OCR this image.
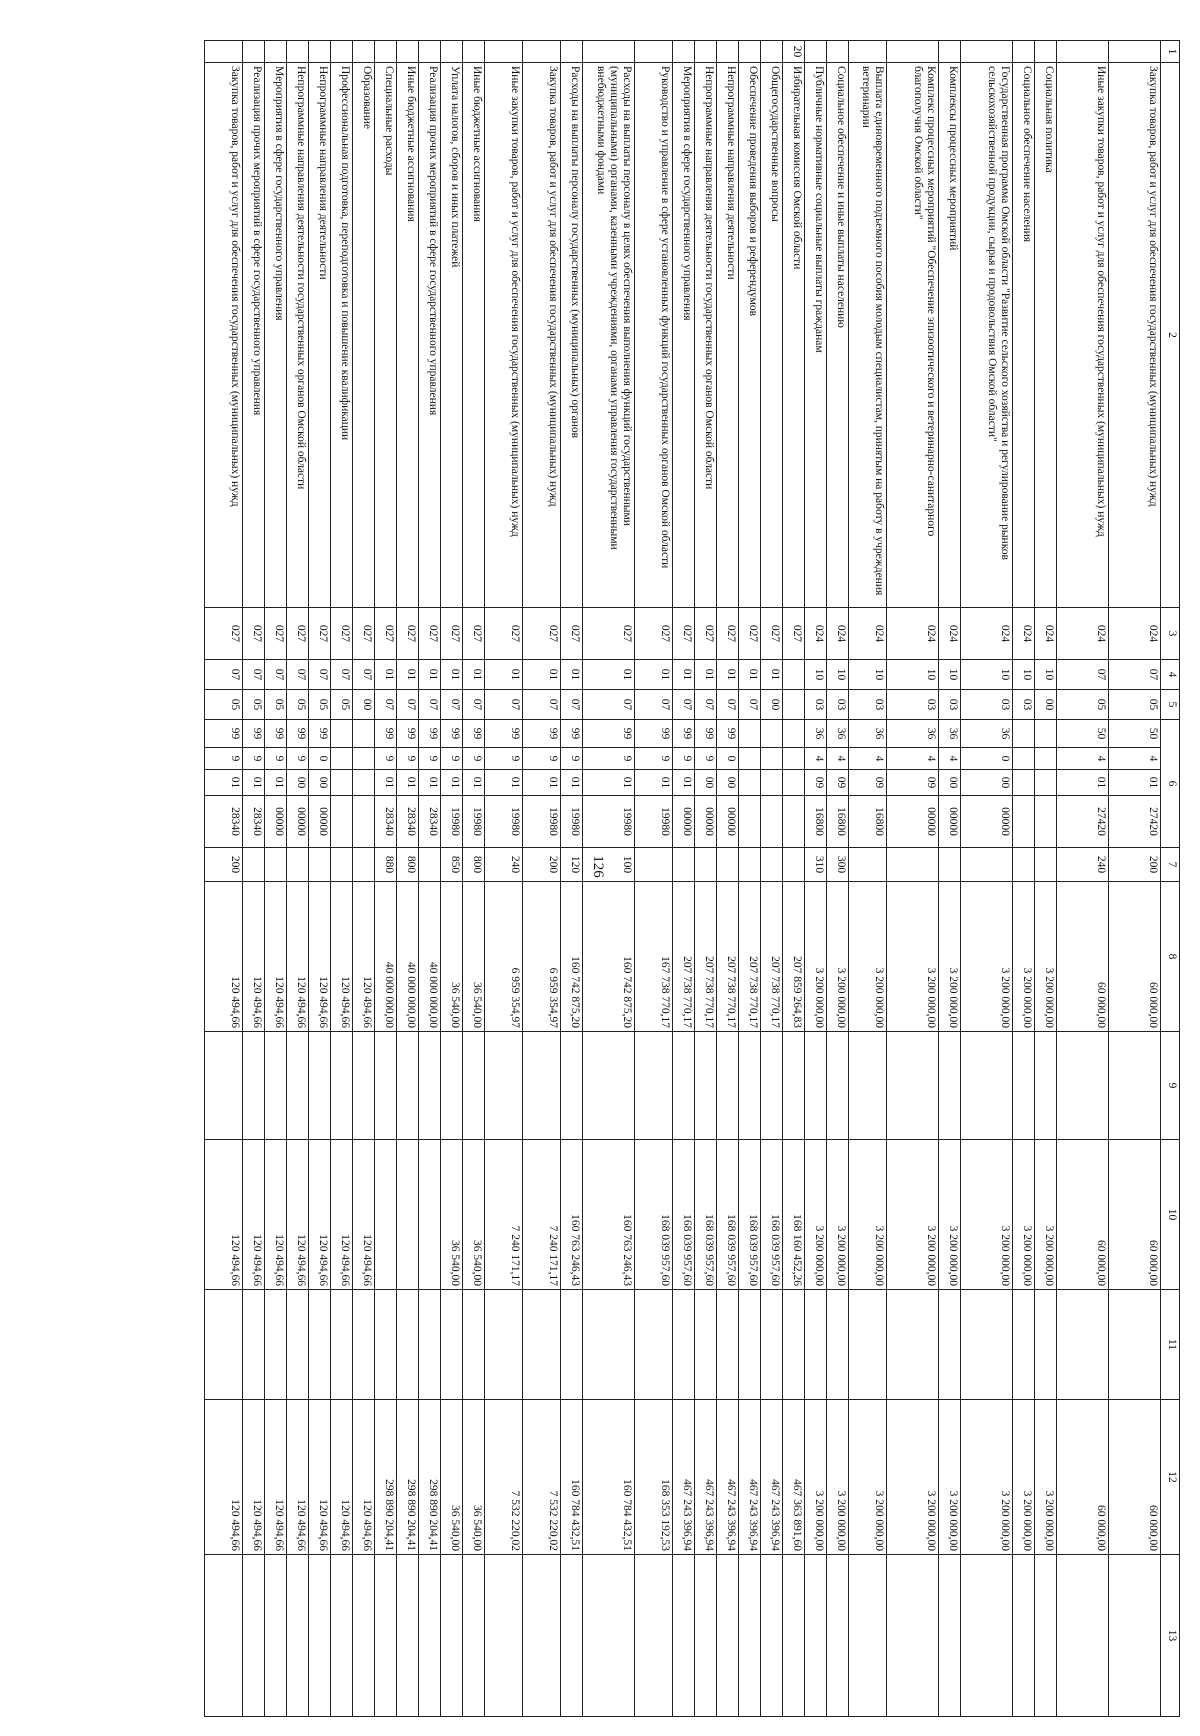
126
1	2	3	4	5	6				7	8	9	10	11	12	13
	Закупка товаров, работ и услуг для обеспечения государственных (муниципальных) нужд	024	07	05	50	4	01	27420	200	60 000,00		60 000,00		60 000,00	
	Иные закупки товаров, работ и услуг для обеспечения государственных (муниципальных) нужд	024	07	05	50	4	01	27420	240	60 000,00		60 000,00		60 000,00	
	Социальная политика	024	10	00						3 200 000,00		3 200 000,00		3 200 000,00	
	Социальное обеспечение населения	024	10	03						3 200 000,00		3 200 000,00		3 200 000,00	
	Государственная программа Омской области "Развитие сельского хозяйства и регулирование рынков сельскохозяйственной продукции, сырья и продовольствия Омской области"	024	10	03	36	0	00	00000		3 200 000,00		3 200 000,00		3 200 000,00	
	Комплексы процессных мероприятий	024	10	03	36	4	00	00000		3 200 000,00		3 200 000,00		3 200 000,00	
	Комплекс процессных мероприятий "Обеспечение эпизоотического и ветеринарно-санитарного благополучия Омской области"	024	10	03	36	4	09	00000		3 200 000,00		3 200 000,00		3 200 000,00	
	Выплата единовременного подъемного пособия молодым специалистам, принятым на работу в учреждения ветеринарии	024	10	03	36	4	09	16800		3 200 000,00		3 200 000,00		3 200 000,00	
	Социальное обеспечение и иные выплаты населению	024	10	03	36	4	09	16800	300	3 200 000,00		3 200 000,00		3 200 000,00	
	Публичные нормативные социальные выплаты гражданам	024	10	03	36	4	09	16800	310	3 200 000,00		3 200 000,00		3 200 000,00	
20	Избирательная комиссия Омской области	027								207 859 264,83		168 160 452,26		467 363 891,60	
	Общегосударственные вопросы	027	01	00						207 738 770,17		168 039 957,60		467 243 396,94	
	Обеспечение проведения выборов и референдумов	027	01	07						207 738 770,17		168 039 957,60		467 243 396,94	
	Непрограммные направления деятельности	027	01	07	99	0	00	00000		207 738 770,17		168 039 957,60		467 243 396,94	
	Непрограммные направления деятельности государственных органов Омской области	027	01	07	99	9	00	00000		207 738 770,17		168 039 957,60		467 243 396,94	
	Мероприятия в сфере государственного управления	027	01	07	99	9	01	00000		207 738 770,17		168 039 957,60		467 243 396,94	
	Руководство и управление в сфере установленных функций государственных органов Омской области	027	01	07	99	9	01	19980		167 738 770,17		168 039 957,60		168 353 192,53	
	Расходы на выплаты персоналу в целях обеспечения выполнения функций государственными (муниципальными) органами, казенными учреждениями, органами управления государственными внебюджетными фондами	027	01	07	99	9	01	19980	100	160 742 875,20		160 763 246,43		160 784 432,51	
	Расходы на выплаты персоналу государственных (муниципальных) органов	027	01	07	99	9	01	19980	120	160 742 875,20		160 763 246,43		160 784 432,51	
	Закупка товаров, работ и услуг для обеспечения государственных (муниципальных) нужд	027	01	07	99	9	01	19980	200	6 959 354,97		7 240 171,17		7 532 220,02	
	Иные закупки товаров, работ и услуг для обеспечения государственных (муниципальных) нужд	027	01	07	99	9	01	19980	240	6 959 354,97		7 240 171,17		7 532 220,02	
	Иные бюджетные ассигнования	027	01	07	99	9	01	19980	800	36 540,00		36 540,00		36 540,00	
	Уплата налогов, сборов и иных платежей	027	01	07	99	9	01	19980	850	36 540,00		36 540,00		36 540,00	
	Реализация прочих мероприятий в сфере государственного управления	027	01	07	99	9	01	28340		40 000 000,00				298 890 204,41	
	Иные бюджетные ассигнования	027	01	07	99	9	01	28340	800	40 000 000,00				298 890 204,41	
	Специальные расходы	027	01	07	99	9	01	28340	880	40 000 000,00				298 890 204,41	
	Образование	027	07	00						120 494,66		120 494,66		120 494,66	
	Профессиональная подготовка, переподготовка и повышение квалификации	027	07	05						120 494,66		120 494,66		120 494,66	
	Непрограммные направления деятельности	027	07	05	99	0	00	00000		120 494,66		120 494,66		120 494,66	
	Непрограммные направления деятельности государственных органов Омской области	027	07	05	99	9	00	00000		120 494,66		120 494,66		120 494,66	
	Мероприятия в сфере государственного управления	027	07	05	99	9	01	00000		120 494,66		120 494,66		120 494,66	
	Реализация прочих мероприятий в сфере государственного управления	027	07	05	99	9	01	28340		120 494,66		120 494,66		120 494,66	
	Закупка товаров, работ и услуг для обеспечения государственных (муниципальных) нужд	027	07	05	99	9	01	28340	200	120 494,66		120 494,66		120 494,66	
